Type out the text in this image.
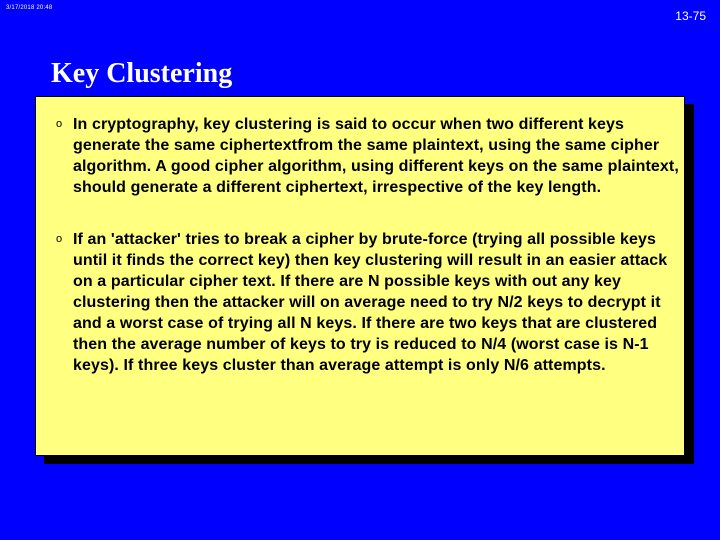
3/17/2018 20:48
13-75
Key Clustering
o In cryptography, key clustering is said to occur when two different keys generate the same ciphertextfrom the same plaintext, using the same cipher algorithm. A good cipher algorithm, using different keys on the same plaintext, should generate a different ciphertext, irrespective of the key length.
o If an 'attacker' tries to break a cipher by brute-force (trying all possible keys until it finds the correct key) then key clustering will result in an easier attack on a particular cipher text. If there are N possible keys with out any key clustering then the attacker will on average need to try N/2 keys to decrypt it and a worst case of trying all N keys. If there are two keys that are clustered then the average number of keys to try is reduced to N/4 (worst case is N-1 keys). If three keys cluster than average attempt is only N/6 attempts.
